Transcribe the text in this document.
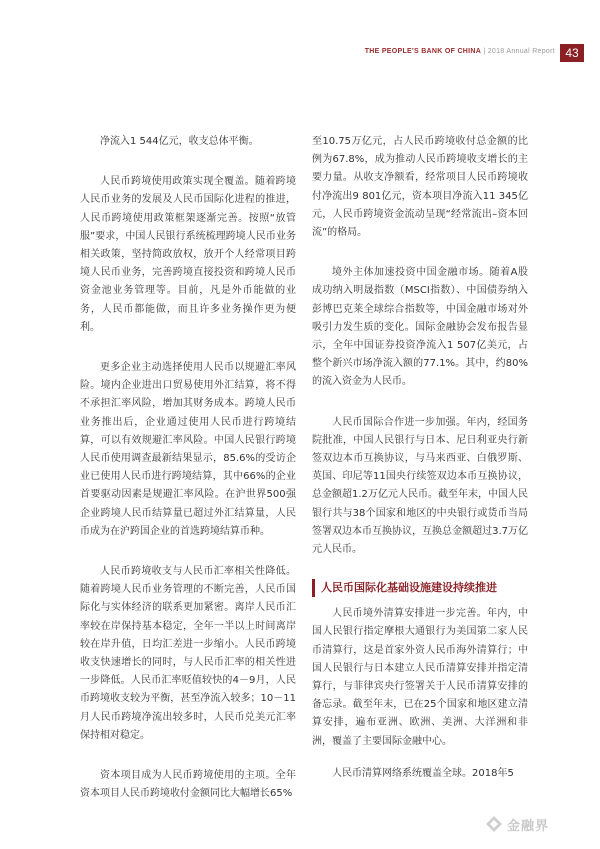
THE PEOPLE'S BANK OF CHINA | 2018 Annual Report 43

净流入1 544亿元，收支总体平衡。

人民币跨境使用政策实现全覆盖。随着跨境人民币业务的发展及人民币国际化进程的推进，人民币跨境使用政策框架逐渐完善。按照“放管服”要求，中国人民银行系统梳理跨境人民币业务相关政策，坚持简政放权，放开个人经常项目跨境人民币业务，完善跨境直接投资和跨境人民币资金池业务管理等。目前，凡是外币能做的业务，人民币都能做，而且许多业务操作更为便利。

更多企业主动选择使用人民币以规避汇率风险。境内企业进出口贸易使用外汇结算，将不得不承担汇率风险，增加其财务成本。跨境人民币业务推出后，企业通过使用人民币进行跨境结算，可以有效规避汇率风险。中国人民银行跨境人民币使用调查最新结果显示，85.6%的受访企业已使用人民币进行跨境结算，其中66%的企业首要驱动因素是规避汇率风险。在沪世界500强企业跨境人民币结算量已超过外汇结算量，人民币成为在沪跨国企业的首选跨境结算币种。

人民币跨境收支与人民币汇率相关性降低。随着跨境人民币业务管理的不断完善，人民币国际化与实体经济的联系更加紧密。离岸人民币汇率较在岸保持基本稳定，全年一半以上时间离岸较在岸升值，日均汇差进一步缩小。人民币跨境收支快速增长的同时，与人民币汇率的相关性进一步降低。人民币汇率贬值较快的4－9月，人民币跨境收支较为平衡，甚至净流入较多；10－11月人民币跨境净流出较多时，人民币兑美元汇率保持相对稳定。

资本项目成为人民币跨境使用的主项。全年资本项目人民币跨境收付金额同比大幅增长65%

至10.75万亿元，占人民币跨境收付总金额的比例为67.8%，成为推动人民币跨境收支增长的主要力量。从收支净额看，经常项目人民币跨境收付净流出9 801亿元，资本项目净流入11 345亿元，人民币跨境资金流动呈现“经常流出–资本回流”的格局。

境外主体加速投资中国金融市场。随着A股成功纳入明晟指数（MSCI指数）、中国债券纳入彭博巴克莱全球综合指数等，中国金融市场对外吸引力发生质的变化。国际金融协会发布报告显示，全年中国证券投资净流入1 507亿美元，占整个新兴市场净流入额的77.1%。其中，约80%的流入资金为人民币。

人民币国际合作进一步加强。年内，经国务院批准，中国人民银行与日本、尼日利亚央行新签双边本币互换协议，与马来西亚、白俄罗斯、英国、印尼等11国央行续签双边本币互换协议，总金额超1.2万亿元人民币。截至年末，中国人民银行共与38个国家和地区的中央银行或货币当局签署双边本币互换协议，互换总金额超过3.7万亿元人民币。

人民币国际化基础设施建设持续推进

人民币境外清算安排进一步完善。年内，中国人民银行指定摩根大通银行为美国第二家人民币清算行，这是首家外资人民币海外清算行；中国人民银行与日本建立人民币清算安排并指定清算行，与菲律宾央行签署关于人民币清算安排的备忘录。截至年末，已在25个国家和地区建立清算安排，遍布亚洲、欧洲、美洲、大洋洲和非洲，覆盖了主要国际金融中心。

人民币清算网络系统覆盖全球。2018年5

金融界
